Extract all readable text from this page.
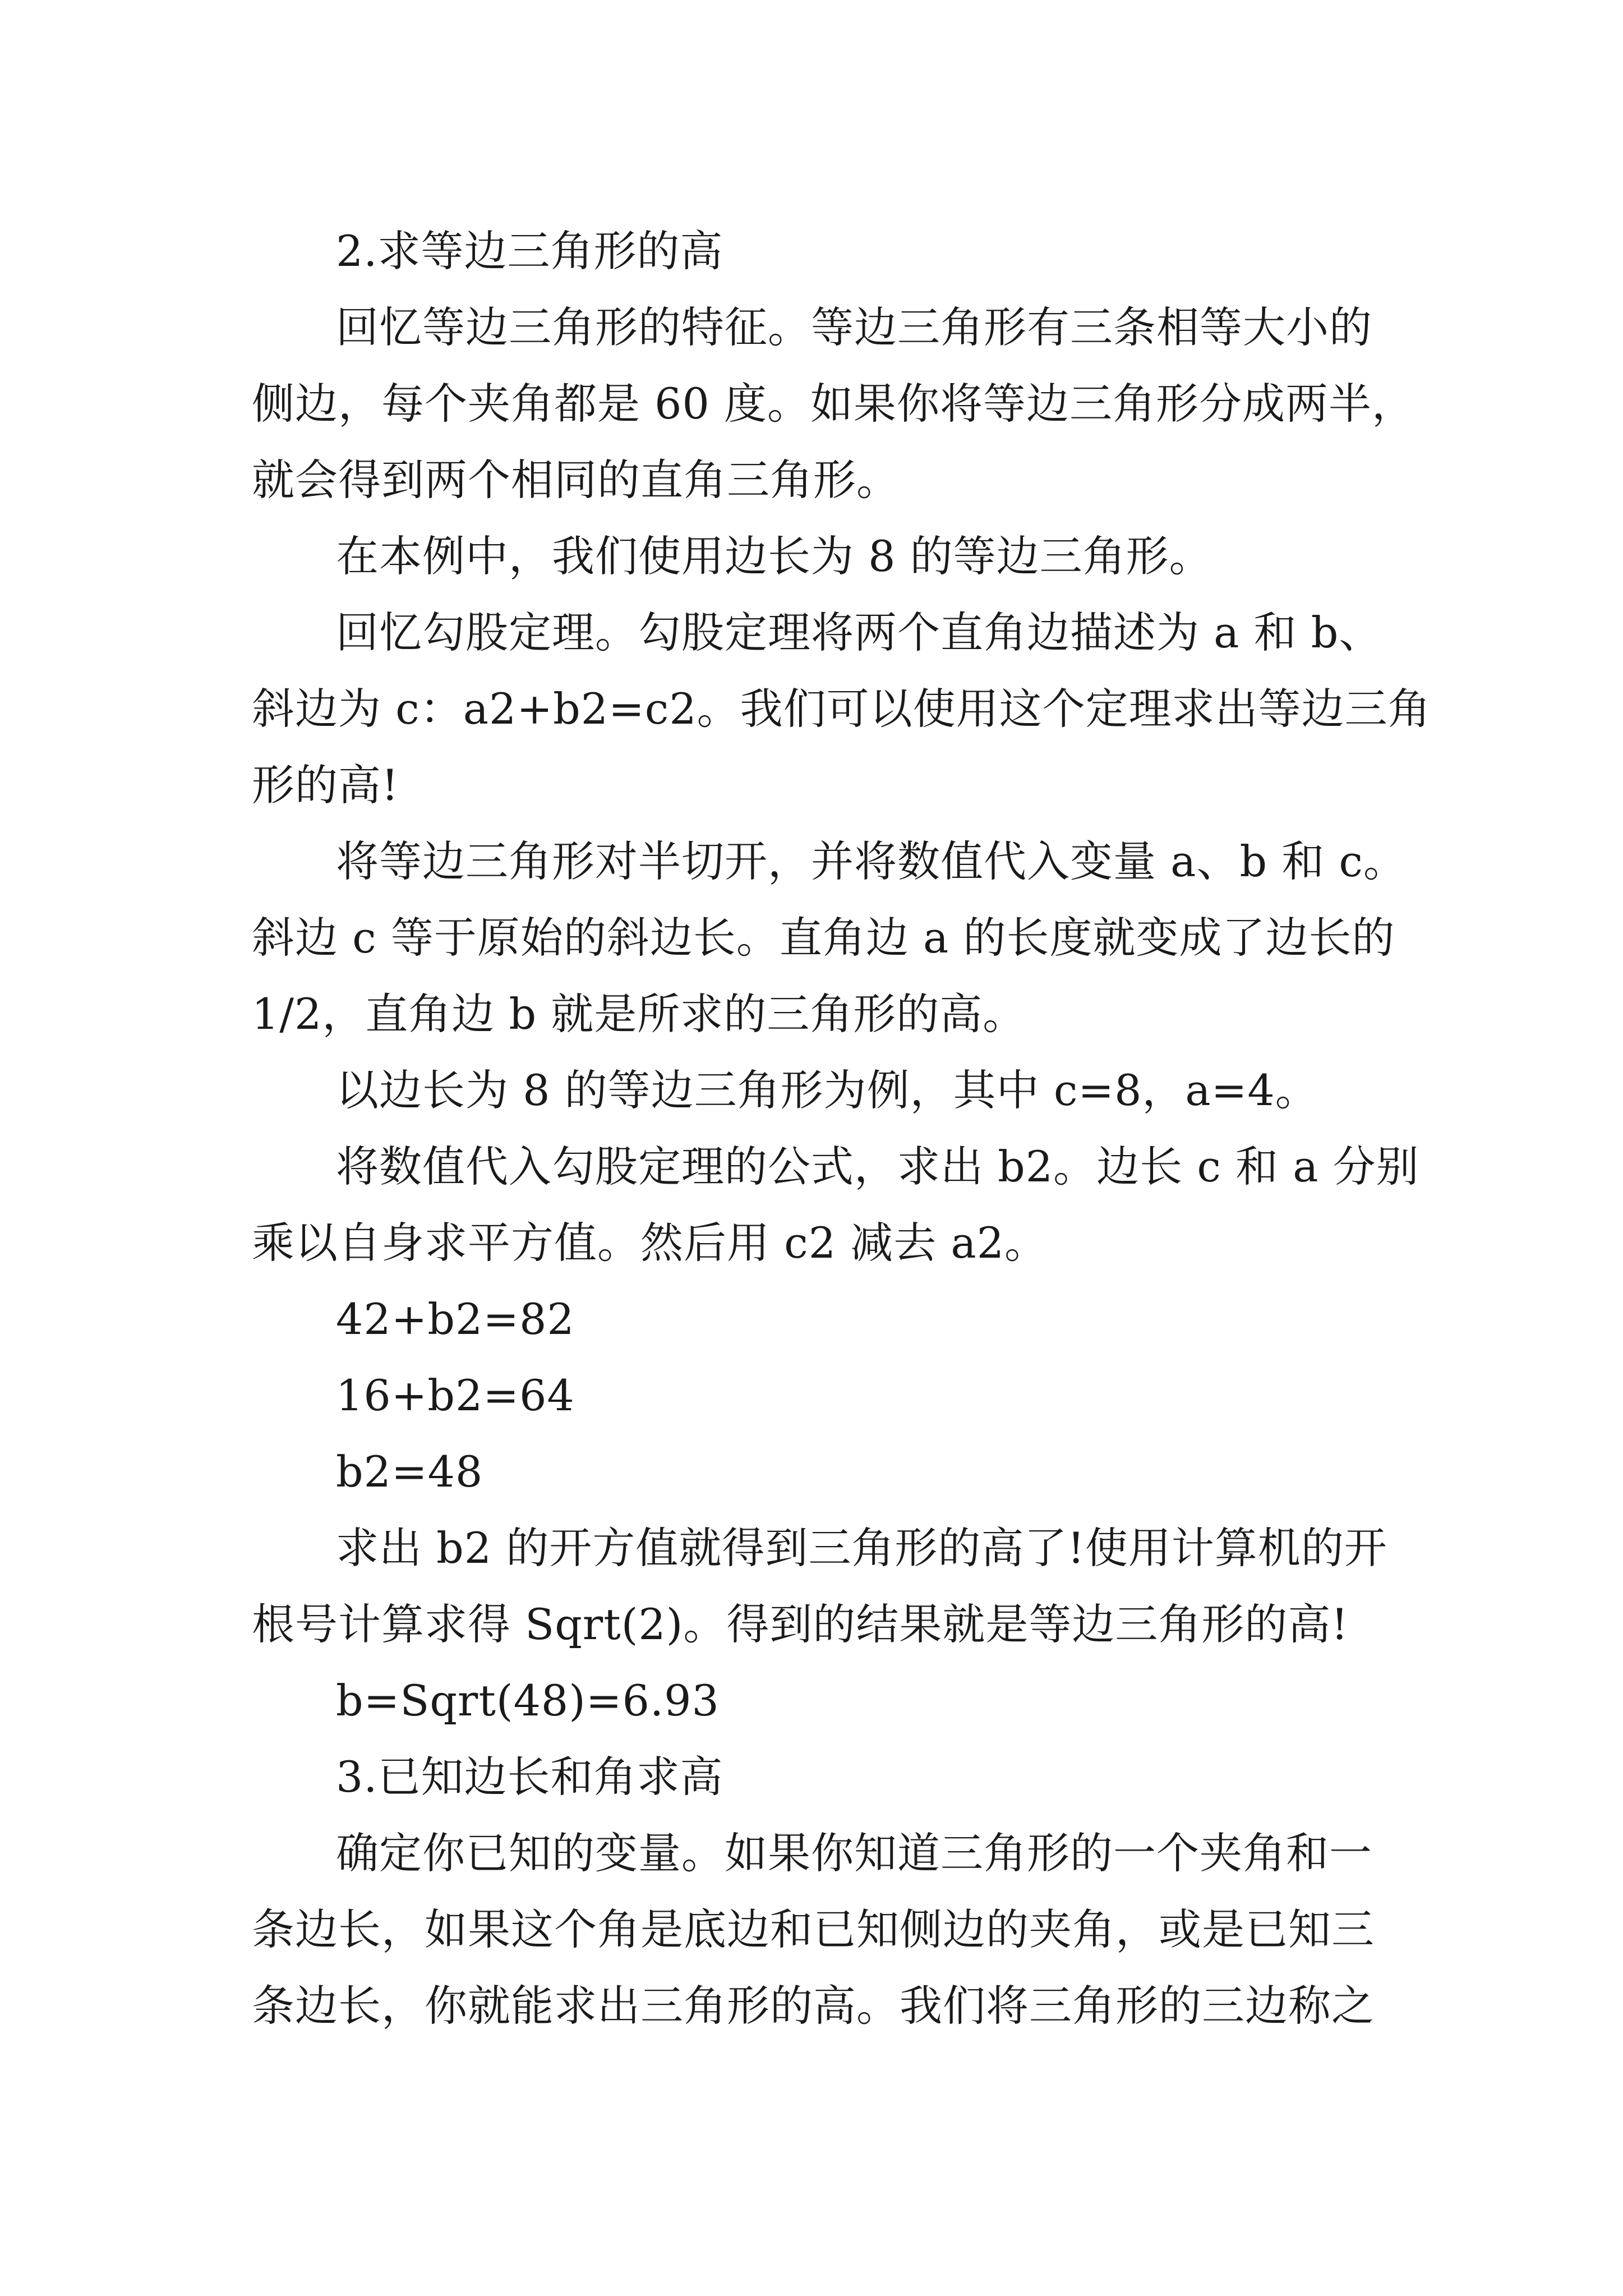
2.求等边三角形的高
回忆等边三角形的特征。等边三角形有三条相等大小的
侧边，每个夹角都是 60 度。如果你将等边三角形分成两半，
就会得到两个相同的直角三角形。
在本例中，我们使用边长为 8 的等边三角形。
回忆勾股定理。勾股定理将两个直角边描述为 a 和 b、
斜边为 c：a2+b2=c2。我们可以使用这个定理求出等边三角
形的高!
将等边三角形对半切开，并将数值代入变量 a、b 和 c。
斜边 c 等于原始的斜边长。直角边 a 的长度就变成了边长的
1/2，直角边 b 就是所求的三角形的高。
以边长为 8 的等边三角形为例，其中 c=8，a=4。
将数值代入勾股定理的公式，求出 b2。边长 c 和 a 分别
乘以自身求平方值。然后用 c2 减去 a2。
42+b2=82
16+b2=64
b2=48
求出 b2 的开方值就得到三角形的高了!使用计算机的开
根号计算求得 Sqrt(2)。得到的结果就是等边三角形的高!
b=Sqrt(48)=6.93
3.已知边长和角求高
确定你已知的变量。如果你知道三角形的一个夹角和一
条边长，如果这个角是底边和已知侧边的夹角，或是已知三
条边长，你就能求出三角形的高。我们将三角形的三边称之
